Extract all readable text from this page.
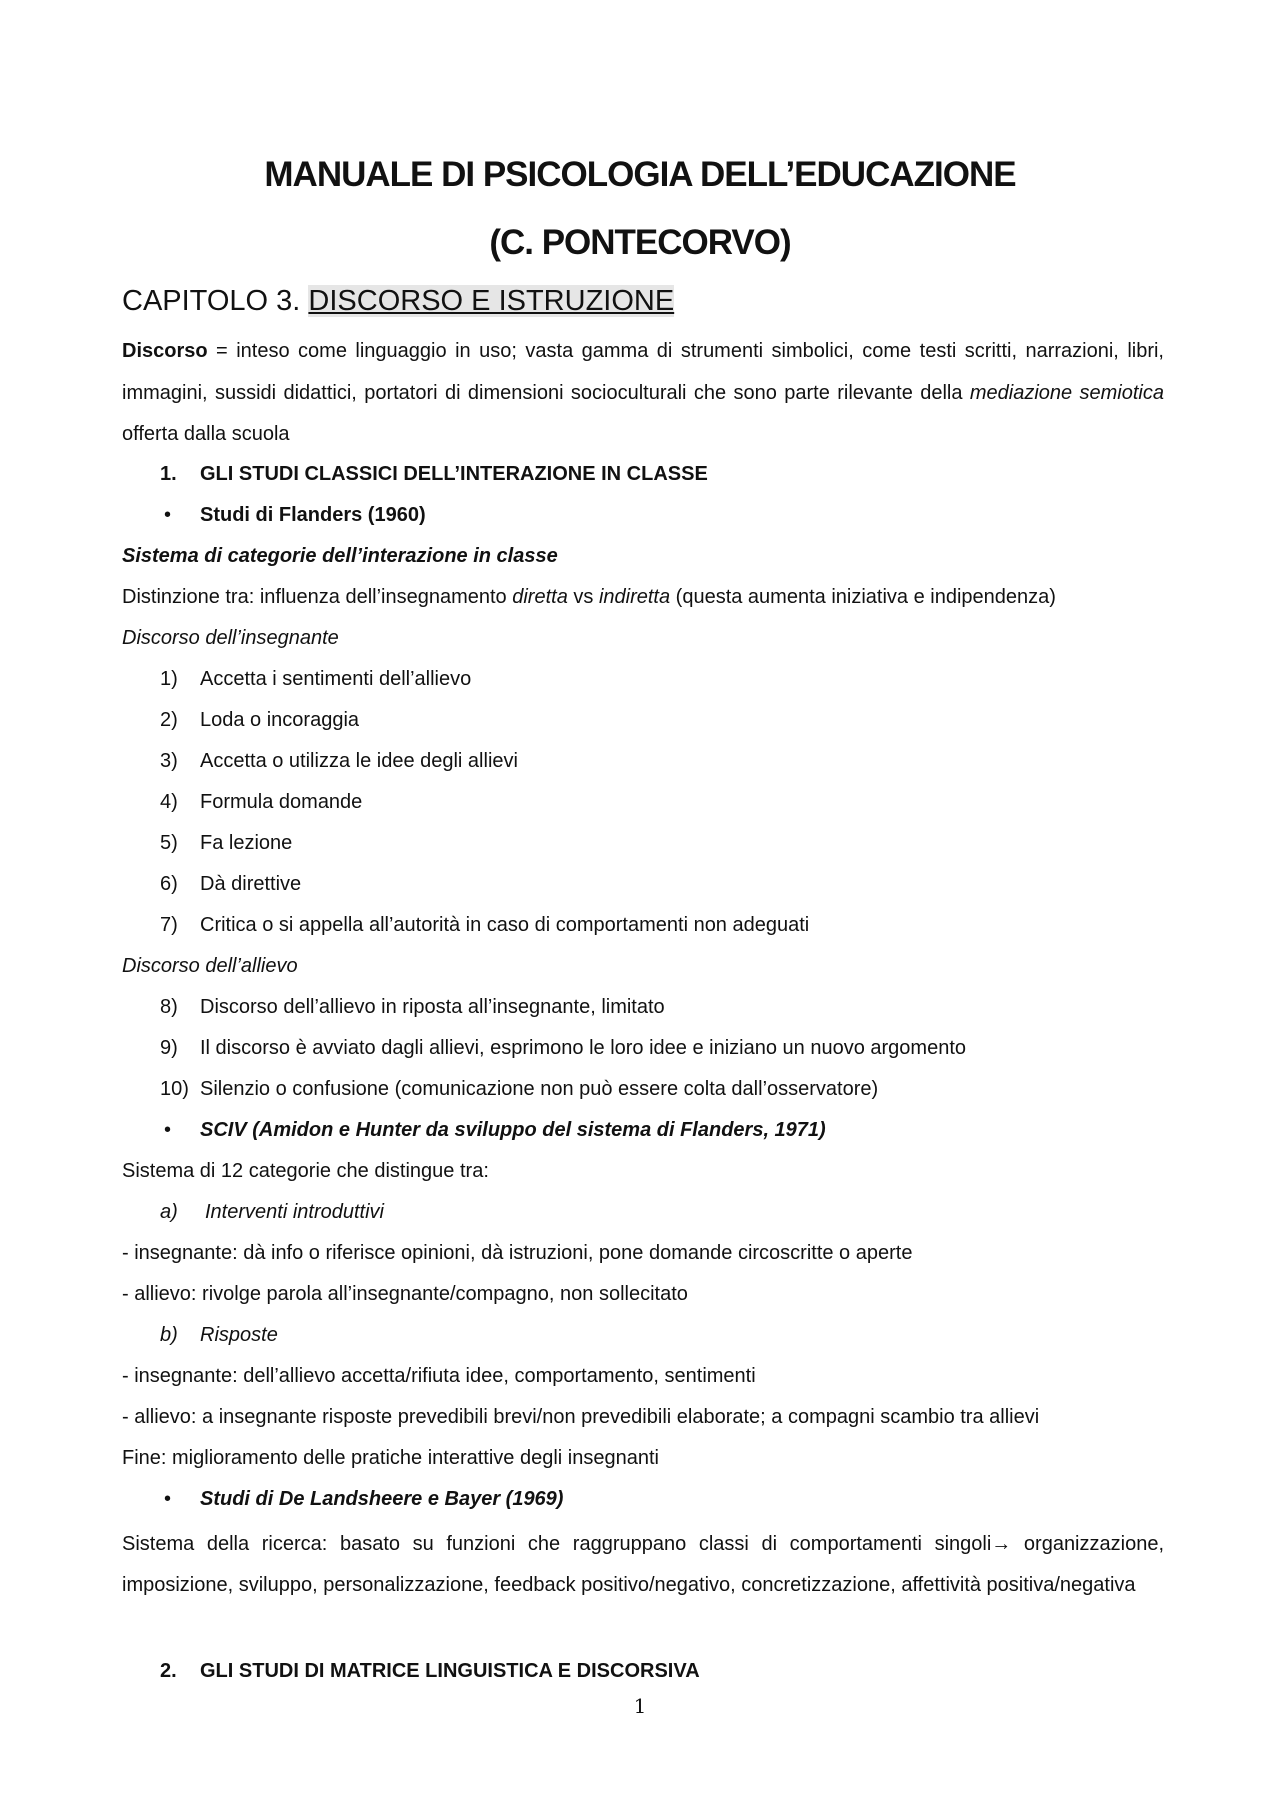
MANUALE DI PSICOLOGIA DELL’EDUCAZIONE
(C. PONTECORVO)
CAPITOLO 3. DISCORSO E ISTRUZIONE
Discorso = inteso come linguaggio in uso; vasta gamma di strumenti simbolici, come testi scritti, narrazioni, libri,
immagini, sussidi didattici, portatori di dimensioni socioculturali che sono parte rilevante della mediazione semiotica
offerta dalla scuola
1.	GLI STUDI CLASSICI DELL’INTERAZIONE IN CLASSE
• Studi di Flanders (1960)
Sistema di categorie dell’interazione in classe
Distinzione tra: influenza dell’insegnamento diretta vs indiretta (questa aumenta iniziativa e indipendenza)
Discorso dell’insegnante
1)	Accetta i sentimenti dell’allievo
2)	Loda o incoraggia
3)	Accetta o utilizza le idee degli allievi
4)	Formula domande
5)	Fa lezione
6)	Dà direttive
7)	Critica o si appella all’autorità in caso di comportamenti non adeguati
Discorso dell’allievo
8)	Discorso dell’allievo in riposta all’insegnante, limitato
9)	Il discorso è avviato dagli allievi, esprimono le loro idee e iniziano un nuovo argomento
10) Silenzio o confusione (comunicazione non può essere colta dall’osservatore)
• SCIV (Amidon e Hunter da sviluppo del sistema di Flanders, 1971)
Sistema di 12 categorie che distingue tra:
a)	Interventi introduttivi
- insegnante: dà info o riferisce opinioni, dà istruzioni, pone domande circoscritte o aperte
- allievo: rivolge parola all’insegnante/compagno, non sollecitato
b)	Risposte
- insegnante: dell’allievo accetta/rifiuta idee, comportamento, sentimenti
- allievo: a insegnante risposte prevedibili brevi/non prevedibili elaborate; a compagni scambio tra allievi
Fine: miglioramento delle pratiche interattive degli insegnanti
• Studi di De Landsheere e Bayer (1969)
Sistema della ricerca: basato su funzioni che raggruppano classi di comportamenti singoli→ organizzazione,
imposizione, sviluppo, personalizzazione, feedback positivo/negativo, concretizzazione, affettività positiva/negativa
2.	GLI STUDI DI MATRICE LINGUISTICA E DISCORSIVA
1
